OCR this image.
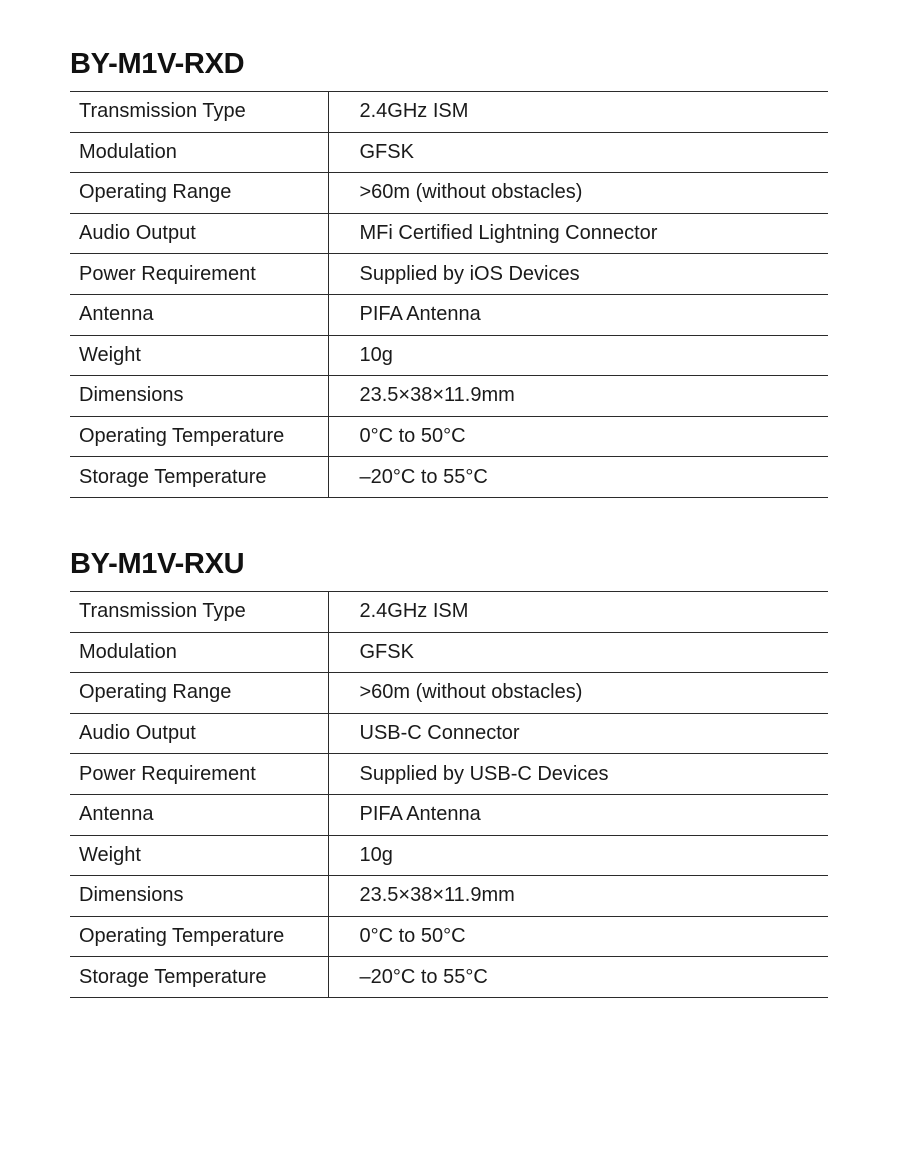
BY-M1V-RXD
Transmission Type	2.4GHz ISM
Modulation	GFSK
Operating Range	>60m (without obstacles)
Audio Output	MFi Certified Lightning Connector
Power Requirement	Supplied by iOS Devices
Antenna	PIFA Antenna
Weight	10g
Dimensions	23.5×38×11.9mm
Operating Temperature	0°C to 50°C
Storage Temperature	–20°C to 55°C
BY-M1V-RXU
Transmission Type	2.4GHz ISM
Modulation	GFSK
Operating Range	>60m (without obstacles)
Audio Output	USB-C Connector
Power Requirement	Supplied by USB-C Devices
Antenna	PIFA Antenna
Weight	10g
Dimensions	23.5×38×11.9mm
Operating Temperature	0°C to 50°C
Storage Temperature	–20°C to 55°C
